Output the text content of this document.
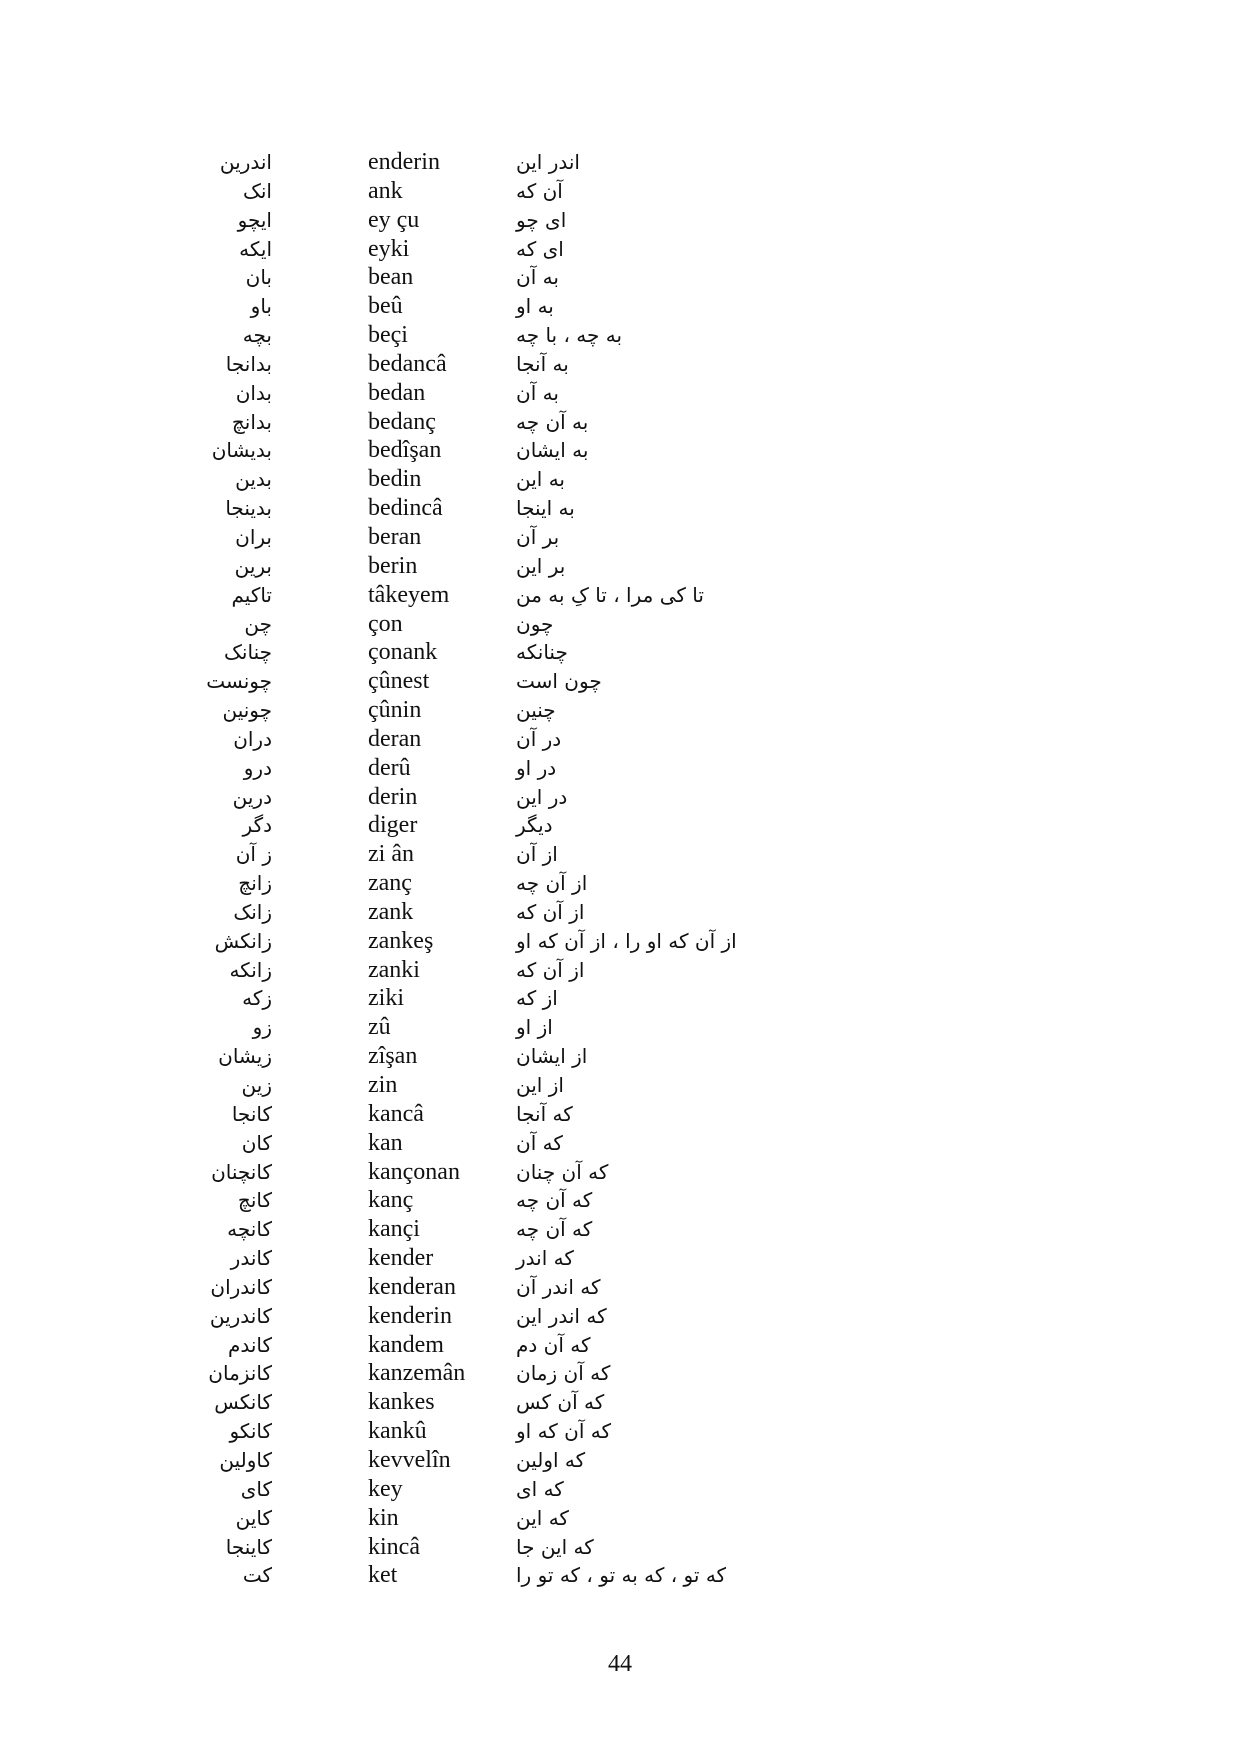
اندرین	enderin	اندر این
انک	ank	آن که
ایچو	ey çu	ای چو
ایکه	eyki	ای که
بان	bean	به آن
باو	beû	به او
بچه	beçi	به چه ، با چه
بدانجا	bedancâ	به آنجا
بدان	bedan	به آن
بدانچ	bedanç	به آن چه
بدیشان	bedîşan	به ایشان
بدین	bedin	به این
بدینجا	bedincâ	به اینجا
بران	beran	بر آن
برین	berin	بر این
تاکیم	tâkeyem	تا کی مرا ، تا کِ به من
چن	çon	چون
چنانک	çonank	چنانکه
چونست	çûnest	چون است
چونین	çûnin	چنین
دران	deran	در آن
درو	derû	در او
درین	derin	در این
دگر	diger	دیگر
ز آن	zi ân	از آن
زانچ	zanç	از آن چه
زانک	zank	از آن که
زانکش	zankeş	از آن که او را ، از آن که او
زانکه	zanki	از آن که
زکه	ziki	از که
زو	zû	از او
زیشان	zîşan	از ایشان
زین	zin	از این
کانجا	kancâ	که آنجا
کان	kan	که آن
کانچنان	kançonan	که آن چنان
کانچ	kanç	که آن چه
کانچه	kançi	که آن چه
کاندر	kender	که اندر
کاندران	kenderan	که اندر آن
کاندرین	kenderin	که اندر این
کاندم	kandem	که آن دم
کانزمان	kanzemân	که آن زمان
کانکس	kankes	که آن کس
کانکو	kankû	که آن که او
کاولین	kevvelîn	که اولین
کای	key	که ای
کاین	kin	که این
کاینجا	kincâ	که این جا
کت	ket	که تو ، که به تو ، که تو را
44
